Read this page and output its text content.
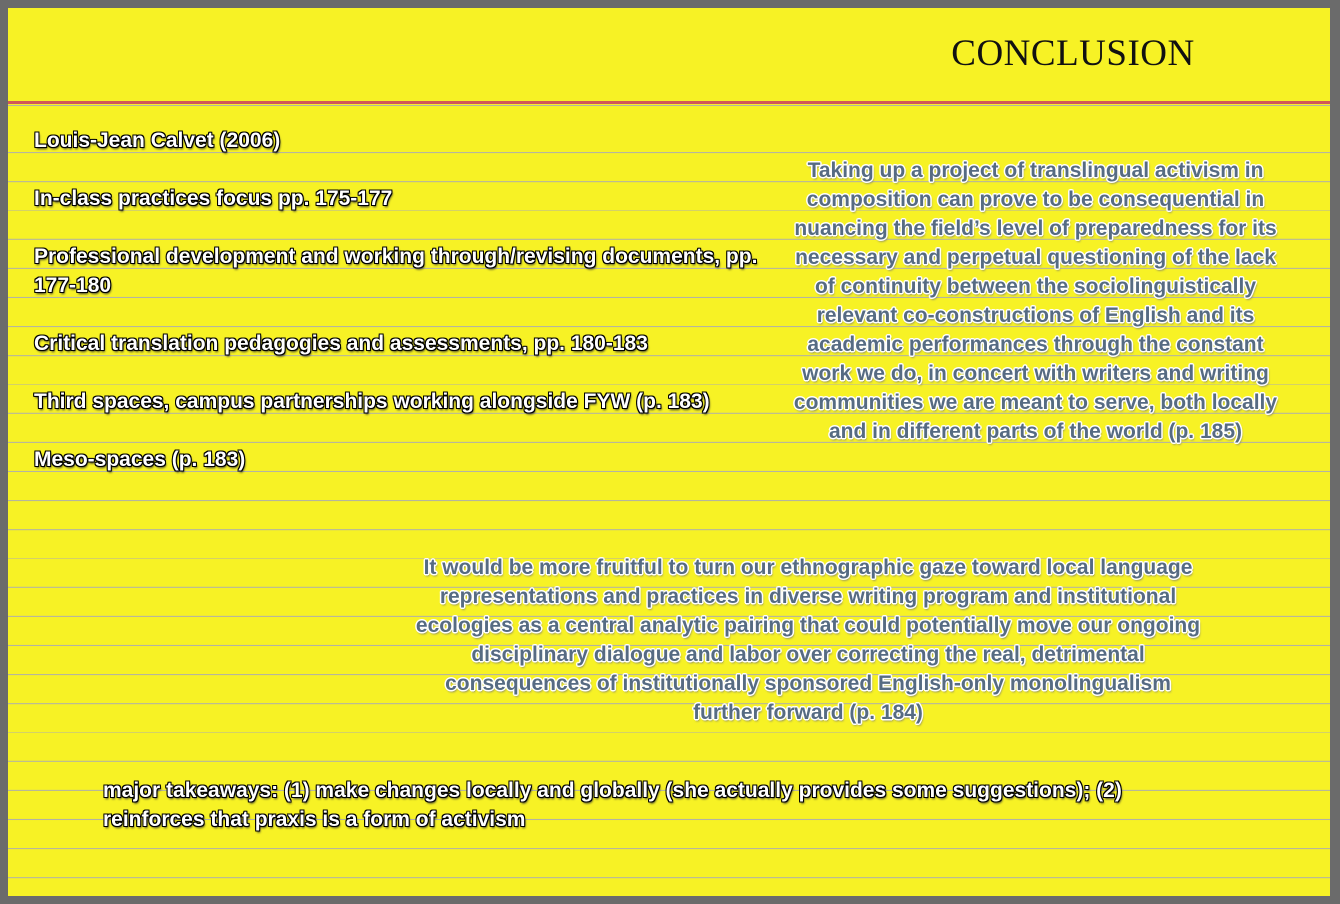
CONCLUSION
Louis-Jean Calvet (2006)
In-class practices focus pp. 175-177
Professional development and working through/revising documents, pp. 177-180
Critical translation pedagogies and assessments, pp. 180-183
Third spaces, campus partnerships working alongside FYW (p. 183)
Meso-spaces (p. 183)
Taking up a project of translingual activism in composition can prove to be consequential in nuancing the field’s level of preparedness for its necessary and perpetual questioning of the lack of continuity between the sociolinguistically relevant co-constructions of English and its academic performances through the constant work we do, in concert with writers and writing communities we are meant to serve, both locally and in different parts of the world (p. 185)
It would be more fruitful to turn our ethnographic gaze toward local language representations and practices in diverse writing program and institutional ecologies as a central analytic pairing that could potentially move our ongoing disciplinary dialogue and labor over correcting the real, detrimental consequences of institutionally sponsored English-only monolingualism further forward (p. 184)
major takeaways: (1) make changes locally and globally (she actually provides some suggestions); (2) reinforces that praxis is a form of activism
